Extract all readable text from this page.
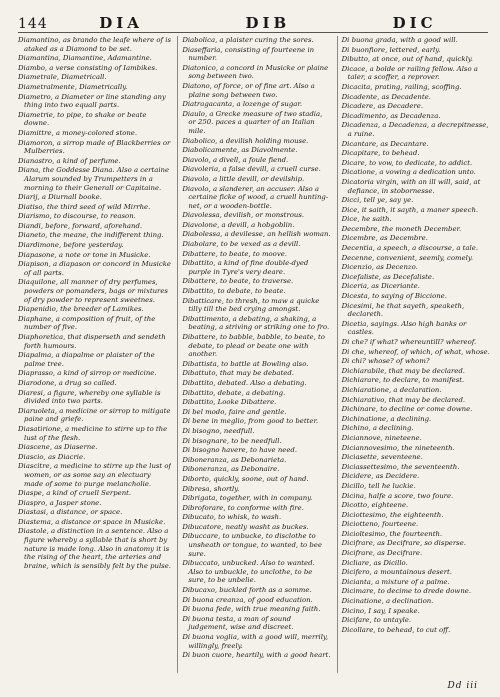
144	DIA	DIB	DIC

Diamantino, as brando the leafe where of is ataked as a Diamond to be set.

Diamantina, Diamantine, Adamantine.

Diambo, a verse consisting of Iambikes.

Diametrale, Diametricall.

Diametralmente, Diametrically.

Diametro, a Diameter or line standing any thing into two equall parts.

Diametrie, to pipe, to shake or beate downe.

Diamittre, a money-colored stone.

Diamoron, a sirrop made of Blackberries or Mulberries.

Dianastro, a kind of perfume.

Diana, the Goddesse Diana. Also a certaine Alarum sounded by Trumpetters in a morning to their Generall or Capitaine.

Diarij, a Diurnall booke.

Diatiso, the third seed of wild Mirrhe.

Diarismo, to discourse, to reason.

Diandi, before, forward, aforehand.

Dianeto, the meane, the indifferent thing.

Diardimone, before yesterday.

Diapasone, a note or tone in Musicke.

Diapison, a diapason or concord in Musicke of all parts.

Diaquilone, all manner of dry perfumes, powders or pomanders, bags or mixtures of dry powder to represent sweetnes.

Diapenidio, the breeder of Lamikes.

Diaphane, a composition of fruit, of the number of five.

Diaphoretica, that disperseth and sendeth forth humours.

Diapalma, a diapalme or plaister of the palme tree.

Diaprasso, a kind of sirrop or medicine.

Diarodone, a drug so called.

Diaresi, a figure, whereby one syllable is divided into two parts.

Diaruoleta, a medicine or sirrop to mitigate paine and griefe.

Diasatirione, a medicine to stirre up to the lust of the flesh.

Diascene, as Diaserne.

Diascio, as Diacrie.

Diascitre, a medicine to stirre up the lust of women, or as some say an electuary made of some to purge melancholie.

Diaspe, a kind of cruell Serpent.

Diaspro, a Jasper stone.

Diastasi, a distance, or space.

Diastema, a distance or space in Musicke.

Diastole, a distinction in a sentence. Also a figure whereby a syllable that is short by nature is made long. Also in anatomy it is the rising of the heart, the arteries and braine, which is sensibly felt by the pulse.

Diabolica, a plaister curing the sores.

Diaseffaria, consisting of fourteene in number.

Diatonico, a concord in Musicke or plaine song between two.

Diatono, of force, or of fine art. Also a plaine song between two.

Diatragacanta, a lozenge of sugar.

Diaulo, a Grecke measure of two stadia, or 250. paces a quarter of an Italian mile.

Diabolico, a devilish holding mouse.

Diabolicamente, as Diavolmente.

Diavolo, a divell, a foule fiend.

Diavoleria, a false devill, a cruell curse.

Diavolo, a little devill, or devilship.

Diavolo, a slanderer, an accuser. Also a certaine ficke of wood, a cruell hunting-net, or a wooden-bottle.

Diavolessa, devilish, or monstrous.

Diavolone, a devill, a hobgoblin.

Diabolessa, a devilesse, an hellish woman.

Diabolare, to be vexed as a devill.

Dibattere, to beate, to moove.

Dibattito, a kind of fine double-dyed purple in Tyre's very deare.

Dibattere, to beate, to traverse.

Dibattito, to debate, to beate.

Dibatticare, to thresh, to maw a quicke tilly till the bed crying amongst.

Dibattimento, a debating, a shaking, a beating, a striving or striking one to fro.

Dibattere, to babble, babble, to beate, to debate, to plead or beate one with another.

Dibattista, to battle at Bowling also.

Dibattuto, that may be debated.

Dibattito, debated. Also a debating.

Dibattito, debate, a debating.

Dibattito, Looke Dibattere.

Di bel modo, faire and gentle.

Di bene in meglio, from good to better.

Di bisogno, needfull.

Di bisognare, to be needfull.

Di bisogno havere, to have need.

Diboneranza, as Debonarieta.

Diboneranza, as Debonaire.

Diborto, quickly, soone, out of hand.

Dibresa, shortly.

Dibrigata, together, with in company.

Dibroforare, to conforme with fire.

Dibucato, to whisk, to wash.

Dibucatore, neatly washt as buckes.

Dibuccare, to unbucke, to disclothe to unsheath or tongue, to wanted, to bee sure.

Dibuccato, unbucked. Also to wanted. Also to unbuckle, to unclothe, to be sure, to be unbelie.

Dibucaxo, buckled forth as a somme.

Di buona creanza, of good education.

Di buona fede, with true meaning faith.

Di buona testa, a man of sound judgement, wise and discreet.

Di buona voglia, with a good will, merrily, willingly, freely.

Di buon cuore, heartily, with a good heart.

Di buona grada, with a good will.

Di buonfiore, lettered, early.

Dibutto, at once, out of hand, quickly.

Dicace, a bolde or railing fellow. Also a taler, a scoffer, a reprover.

Dicacita, prating, railing, scoffing.

Dicadente, as Decadente.

Dicadere, as Decadere.

Dicadimento, as Decadenza.

Dicadenza, a Decadenza, a decrepitnesse, a ruine.

Dicantare, as Decantare.

Dicapitare, to behead.

Dicare, to vow, to dedicate, to addict.

Dicatione, a vowing a dedication unto.

Dicatoria virgin, with an ill will, said, at defiance, in stobornesse.

Dicci, tell ye, say ye.

Dice, it saith, it sayth, a maner speech.

Dice, he saith.

Decembre, the moneth December.

Dicembre, as Decembre.

Decentia, a speech, a discourse, a tale.

Decenne, convenient, seemly, comely.

Dicenzio, as Decenzo.

Dicefaliste, as Decefaliste.

Diceria, as Diceriante.

Dicesta, to saying of Biccione.

Dicesimi, he that sayeth, speaketh, declareth.

Dicetia, sayings. Also high banks or castles.

Di che? if what? whereuntill? whereof.

Di che, whereof, of which, of what, whose.

Di chi? whose? of whom?

Dichiarabile, that may be declared.

Dichiarare, to declare, to manifest.

Dichiaratione, a declaration.

Dichiarativo, that may be declared.

Dichinare, to decline or come downe.

Dichinatione, a declining.

Dichino, a declining.

Diciannove, nineteene.

Diciannovesimo, the nineteenth.

Diciasette, seventeene.

Diciassettesimo, the seventeenth.

Dicidere, as Decidere.

Dicillo, tell he luckie.

Dicina, halfe a score, two foure.

Dicotto, eighteene.

Diciottesimo, the eighteenth.

Diciotteno, fourteene.

Dicioltesimo, the fourteenth.

Dicifrare, as Decifrare, so disperse.

Dicifrare, as Decifrare.

Dicliare, as Dicillo.

Dicifero, a mountainous desert.

Dicianta, a mixture of a palme.

Dicimare, to decime to drede downe.

Dicinatione, a declination.

Dicino, I say, I speake.

Dicifare, to untayle.

Dicollare, to behead, to cut off.

Dd iii
